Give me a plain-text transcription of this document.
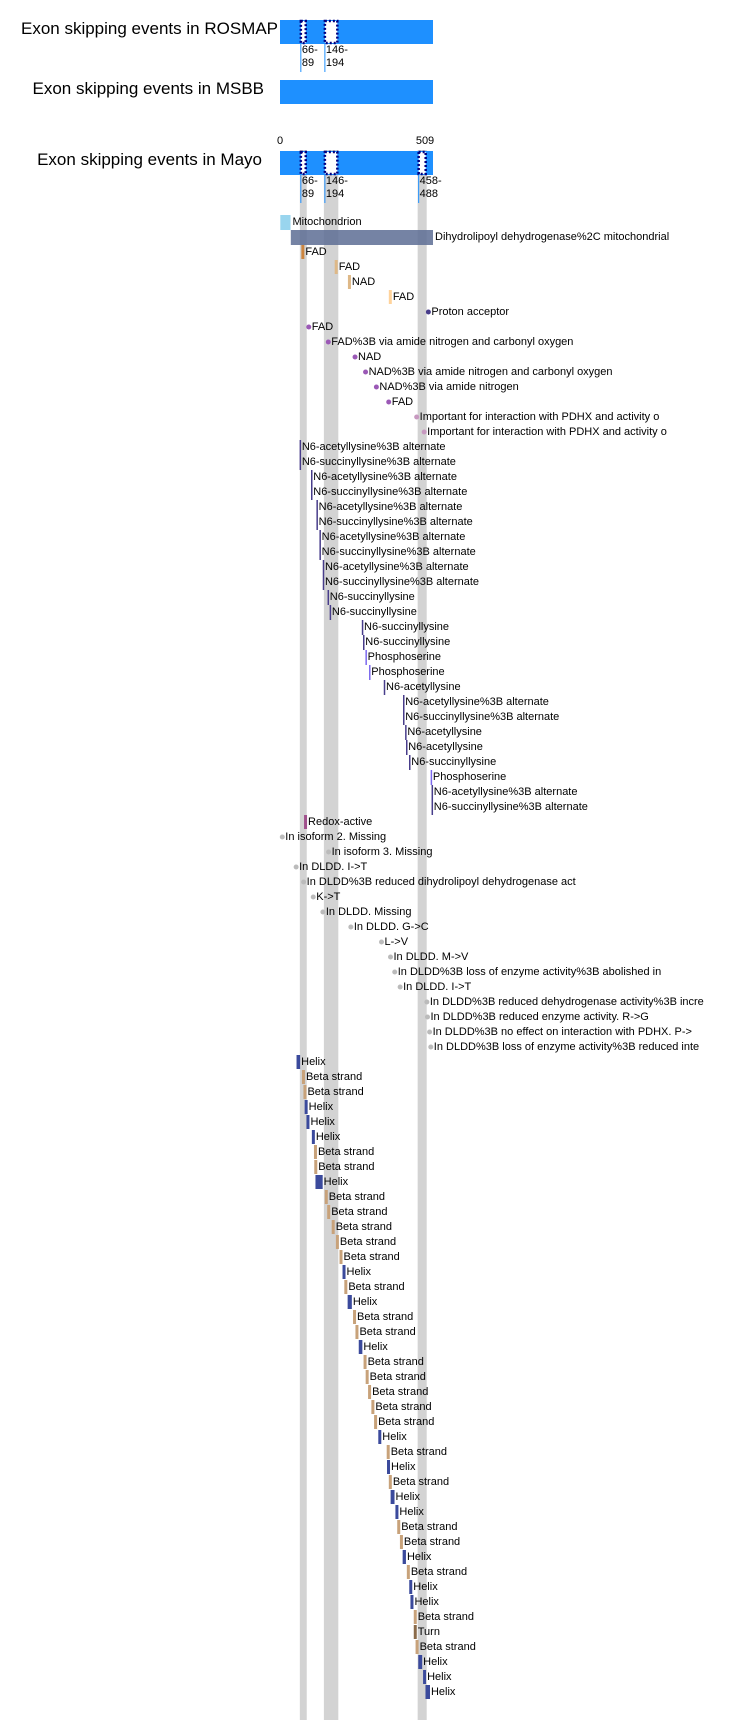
Exon skipping events in ROSMAP
66-
89
146-
194
Exon skipping events in MSBB
Exon skipping events in Mayo
66-
89
146-
194
458-
488
0	509
Mitochondrion
Dihydrolipoyl dehydrogenase%2C mitochondrial
FAD
FAD
NAD
FAD
Proton acceptor
FAD
FAD%3B via amide nitrogen and carbonyl oxygen
NAD
NAD%3B via amide nitrogen and carbonyl oxygen
NAD%3B via amide nitrogen
FAD
Important for interaction with PDHX and activity o
Important for interaction with PDHX and activity o
N6-acetyllysine%3B alternate
N6-succinyllysine%3B alternate
N6-acetyllysine%3B alternate
N6-succinyllysine%3B alternate
N6-acetyllysine%3B alternate
N6-succinyllysine%3B alternate
N6-acetyllysine%3B alternate
N6-succinyllysine%3B alternate
N6-acetyllysine%3B alternate
N6-succinyllysine%3B alternate
N6-succinyllysine
N6-succinyllysine
N6-succinyllysine
N6-succinyllysine
Phosphoserine
Phosphoserine
N6-acetyllysine
N6-acetyllysine%3B alternate
N6-succinyllysine%3B alternate
N6-acetyllysine
N6-acetyllysine
N6-succinyllysine
Phosphoserine
N6-acetyllysine%3B alternate
N6-succinyllysine%3B alternate
Redox-active
In isoform 2. Missing
In isoform 3. Missing
In DLDD. I->T
In DLDD%3B reduced dihydrolipoyl dehydrogenase act
K->T
In DLDD. Missing
In DLDD. G->C
L->V
In DLDD. M->V
In DLDD%3B loss of enzyme activity%3B abolished in
In DLDD. I->T
In DLDD%3B reduced dehydrogenase activity%3B incre
In DLDD%3B reduced enzyme activity. R->G
In DLDD%3B no effect on interaction with PDHX. P->
In DLDD%3B loss of enzyme activity%3B reduced inte
Helix
Beta strand
Beta strand
Helix
Helix
Helix
Beta strand
Beta strand
Helix
Beta strand
Beta strand
Beta strand
Beta strand
Beta strand
Helix
Beta strand
Helix
Beta strand
Beta strand
Helix
Beta strand
Beta strand
Beta strand
Beta strand
Beta strand
Helix
Beta strand
Helix
Beta strand
Helix
Helix
Beta strand
Beta strand
Helix
Beta strand
Helix
Helix
Beta strand
Turn
Beta strand
Helix
Helix
Helix
